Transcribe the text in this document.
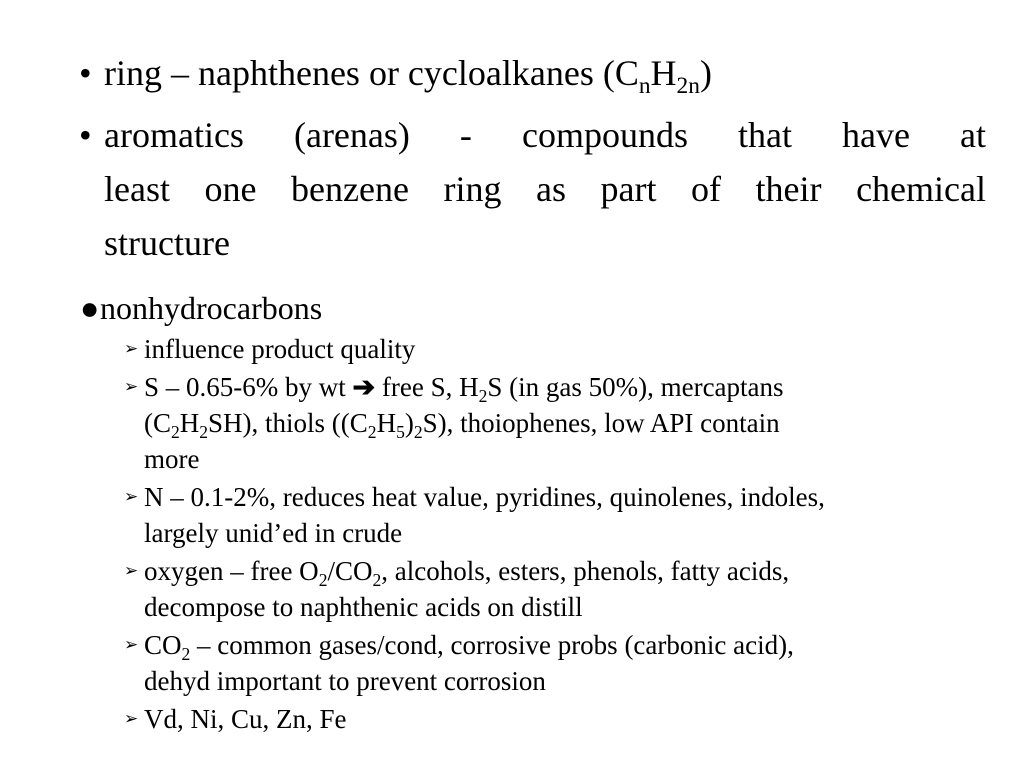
• ring – naphthenes or cycloalkanes $(C_nH_{2n})$
• aromatics (arenas) - compounds that have at
least one benzene ring as part of their chemical
structure
●nonhydrocarbons
➢ influence product quality
➢ S – 0.65-6% by wt ➔ free S, $H_2S$ (in gas 50%), mercaptans
$(C_2H_2SH)$, thiols $((C_2H_5)_2S)$, thoiophenes, low API contain
more
➢ N – 0.1-2%, reduces heat value, pyridines, quinolenes, indoles,
largely unid’ed in crude
➢ oxygen – free $O_2/CO_2$, alcohols, esters, phenols, fatty acids,
decompose to naphthenic acids on distill
➢ $CO_2$ – common gases/cond, corrosive probs (carbonic acid),
dehyd important to prevent corrosion
➢ Vd, Ni, Cu, Zn, Fe
